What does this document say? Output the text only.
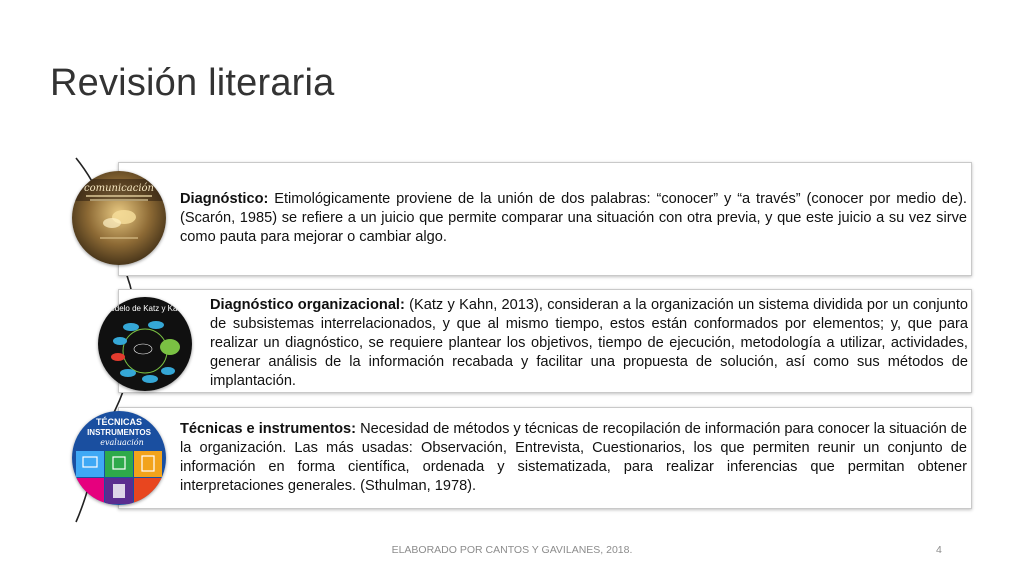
Revisión literaria

Diagnóstico: Etimológicamente proviene de la unión de dos palabras: “conocer” y “a través” (conocer por medio de). (Scarón, 1985) se refiere a un juicio que permite comparar una situación con otra previa, y que este juicio a su vez sirve como pauta para mejorar o cambiar algo.

comunicación

Diagnóstico organizacional: (Katz y Kahn, 2013), consideran a la organización un sistema dividida por un conjunto de subsistemas interrelacionados, y que al mismo tiempo, estos están conformados por elementos; y, que para realizar un diagnóstico, se requiere plantear los objetivos, tiempo de ejecución, metodología a utilizar, actividades, generar análisis de la información recabada y facilitar una propuesta de solución, así como sus métodos de implantación.

Modelo de Katz y Kahn

Técnicas e instrumentos: Necesidad de métodos y técnicas de recopilación de información para conocer la situación de la organización. Las más usadas: Observación, Entrevista, Cuestionarios, los que permiten reunir un conjunto de información en forma científica, ordenada y sistematizada, para realizar inferencias que permitan obtener interpretaciones generales. (Sthulman, 1978).

TÉCNICAS
INSTRUMENTOS
evaluación
ELABORADO POR CANTOS Y GAVILANES, 2018.	4
